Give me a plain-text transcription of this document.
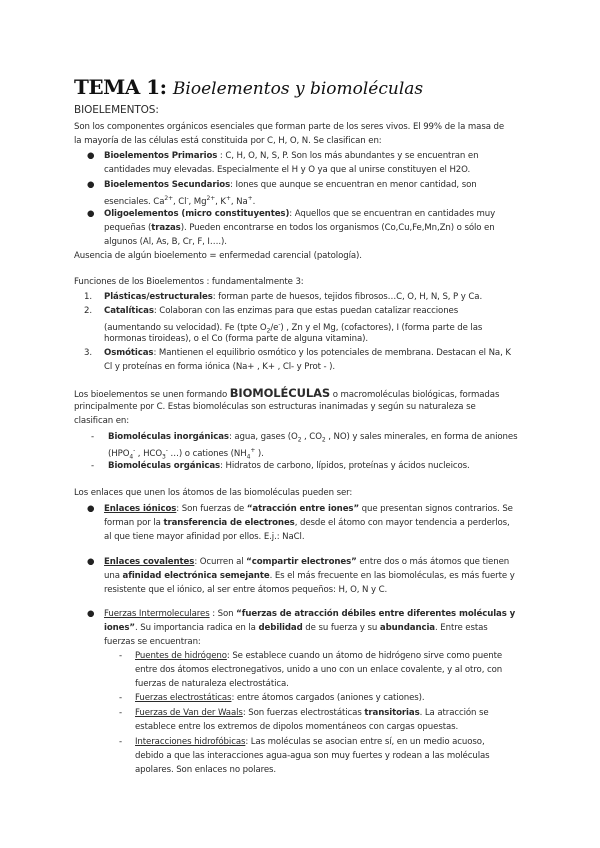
TEMA 1: Bioelementos y biomoléculas
BIOELEMENTOS:
Son los componentes orgánicos esenciales que forman parte de los seres vivos. El 99% de la masa de
la mayoría de las células está constituida por C, H, O, N. Se clasifican en:
● Bioelementos Primarios : C, H, O, N, S, P. Son los más abundantes y se encuentran en
cantidades muy elevadas. Especialmente el H y O ya que al unirse constituyen el H2O.
● Bioelementos Secundarios: Iones que aunque se encuentran en menor cantidad, son
esenciales. $Ca^{2+}$, Cl-, $Mg^{2+}$, K+, Na+.
● Oligoelementos (micro constituyentes): Aquellos que se encuentran en cantidades muy
pequeñas (trazas). Pueden encontrarse en todos los organismos (Co,Cu,Fe,Mn,Zn) o sólo en
algunos (Al, As, B, Cr, F, I….).
Ausencia de algún bioelemento = enfermedad carencial (patología).
Funciones de los Bioelementos : fundamentalmente 3:
1. Plásticas/estructurales: forman parte de huesos, tejidos fibrosos…C, O, H, N, S, P y Ca.
2. Catalíticas: Colaboran con las enzimas para que estas puedan catalizar reacciones
(aumentando su velocidad). Fe (tpte $O_2/e^-$) , Zn y el Mg, (cofactores), I (forma parte de las
hormonas tiroideas), o el Co (forma parte de alguna vitamina).
3. Osmóticas: Mantienen el equilibrio osmótico y los potenciales de membrana. Destacan el Na, K
Cl y proteínas en forma iónica (Na+ , K+ , Cl- y Prot - ).
Los bioelementos se unen formando BIOMOLÉCULAS o macromoléculas biológicas, formadas
principalmente por C. Estas biomoléculas son estructuras inanimadas y según su naturaleza se
clasifican en:
- Biomoléculas inorgánicas: agua, gases ($O_2$ , $CO_2$ , NO) y sales minerales, en forma de aniones
($HPO_4^-$ , $HCO_3^-$ …) o cationes ($NH_4^+$ ).
- Biomoléculas orgánicas: Hidratos de carbono, lípidos, proteínas y ácidos nucleicos.
Los enlaces que unen los átomos de las biomoléculas pueden ser:
● Enlaces iónicos: Son fuerzas de “atracción entre iones” que presentan signos contrarios. Se
forman por la transferencia de electrones, desde el átomo con mayor tendencia a perderlos,
al que tiene mayor afinidad por ellos. E.j.: NaCl.
● Enlaces covalentes: Ocurren al “compartir electrones” entre dos o más átomos que tienen
una afinidad electrónica semejante. Es el más frecuente en las biomoléculas, es más fuerte y
resistente que el iónico, al ser entre átomos pequeños: H, O, N y C.
● Fuerzas Intermoleculares : Son “fuerzas de atracción débiles entre diferentes moléculas y
iones”. Su importancia radica en la debilidad de su fuerza y su abundancia. Entre estas
fuerzas se encuentran:
- Puentes de hidrógeno: Se establece cuando un átomo de hidrógeno sirve como puente
entre dos átomos electronegativos, unido a uno con un enlace covalente, y al otro, con
fuerzas de naturaleza electrostática.
- Fuerzas electrostáticas: entre átomos cargados (aniones y cationes).
- Fuerzas de Van der Waals: Son fuerzas electrostáticas transitorias. La atracción se
establece entre los extremos de dipolos momentáneos con cargas opuestas.
- Interacciones hidrofóbicas: Las moléculas se asocian entre sí, en un medio acuoso,
debido a que las interacciones agua-agua son muy fuertes y rodean a las moléculas
apolares. Son enlaces no polares.
